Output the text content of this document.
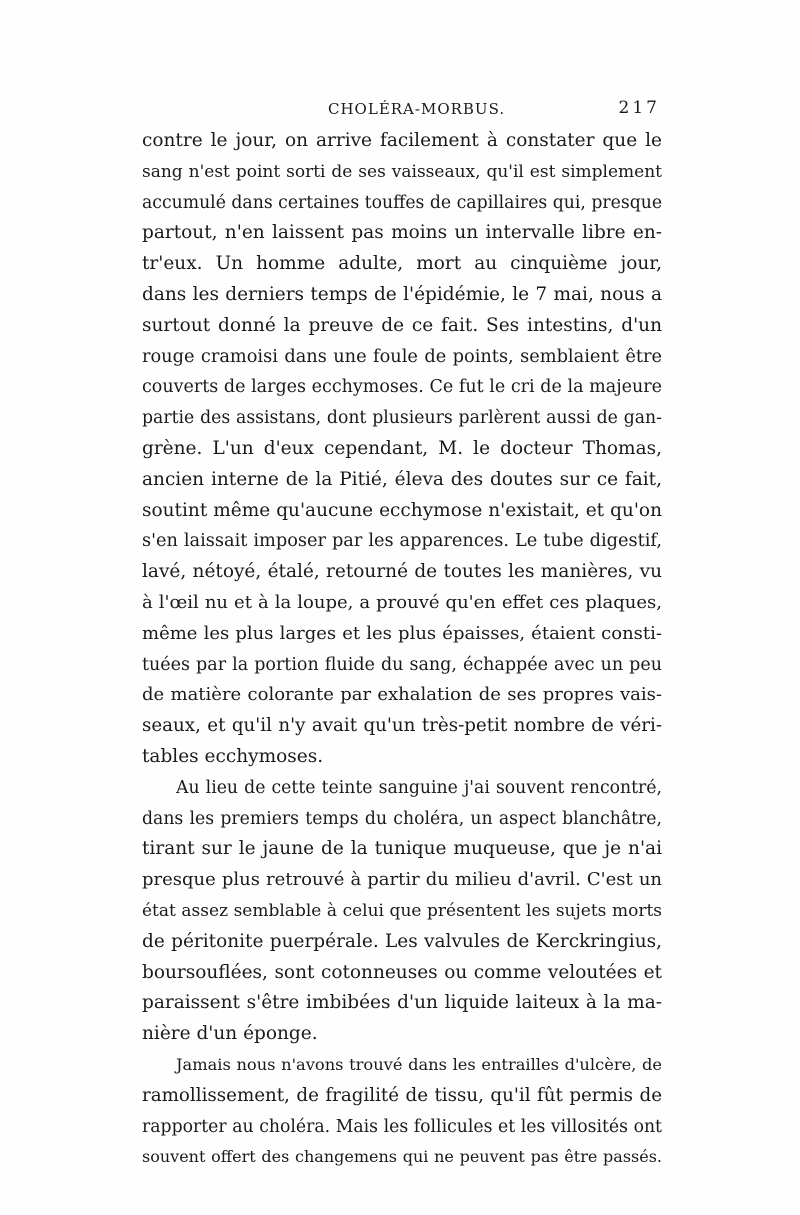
CHOLÉRA-MORBUS.	217
contre le jour, on arrive facilement à constater que le
sang n'est point sorti de ses vaisseaux, qu'il est simplement
accumulé dans certaines touffes de capillaires qui, presque
partout, n'en laissent pas moins un intervalle libre en-
tr'eux. Un homme adulte, mort au cinquième jour,
dans les derniers temps de l'épidémie, le 7 mai, nous a
surtout donné la preuve de ce fait. Ses intestins, d'un
rouge cramoisi dans une foule de points, semblaient être
couverts de larges ecchymoses. Ce fut le cri de la majeure
partie des assistans, dont plusieurs parlèrent aussi de gan-
grène. L'un d'eux cependant, M. le docteur Thomas,
ancien interne de la Pitié, éleva des doutes sur ce fait,
soutint même qu'aucune ecchymose n'existait, et qu'on
s'en laissait imposer par les apparences. Le tube digestif,
lavé, nétoyé, étalé, retourné de toutes les manières, vu
à l'œil nu et à la loupe, a prouvé qu'en effet ces plaques,
même les plus larges et les plus épaisses, étaient consti-
tuées par la portion fluide du sang, échappée avec un peu
de matière colorante par exhalation de ses propres vais-
seaux, et qu'il n'y avait qu'un très-petit nombre de véri-
tables ecchymoses.
Au lieu de cette teinte sanguine j'ai souvent rencontré,
dans les premiers temps du choléra, un aspect blanchâtre,
tirant sur le jaune de la tunique muqueuse, que je n'ai
presque plus retrouvé à partir du milieu d'avril. C'est un
état assez semblable à celui que présentent les sujets morts
de péritonite puerpérale. Les valvules de Kerckringius,
boursouflées, sont cotonneuses ou comme veloutées et
paraissent s'être imbibées d'un liquide laiteux à la ma-
nière d'un éponge.
Jamais nous n'avons trouvé dans les entrailles d'ulcère, de
ramollissement, de fragilité de tissu, qu'il fût permis de
rapporter au choléra. Mais les follicules et les villosités ont
souvent offert des changemens qui ne peuvent pas être passés.
